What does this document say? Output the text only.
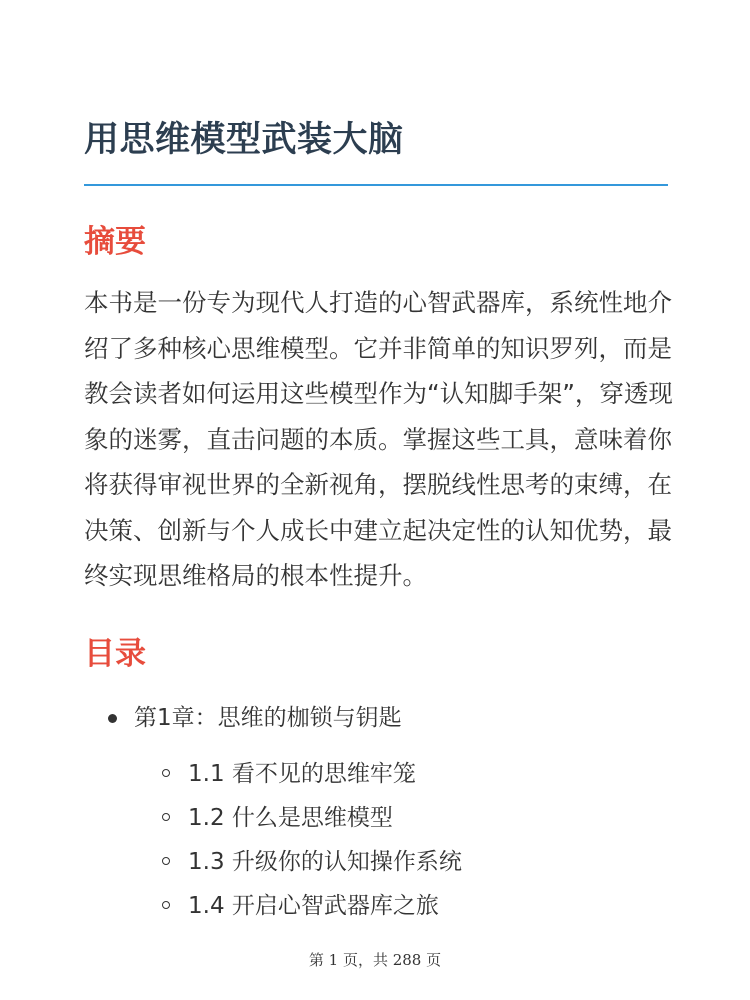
用思维模型武装大脑
摘要

本书是一份专为现代人打造的心智武器库，系统性地介绍了多种核心思维模型。它并非简单的知识罗列，而是教会读者如何运用这些模型作为“认知脚手架”，穿透现象的迷雾，直击问题的本质。掌握这些工具，意味着你将获得审视世界的全新视角，摆脱线性思考的束缚，在决策、创新与个人成长中建立起决定性的认知优势，最终实现思维格局的根本性提升。

目录
第1章：思维的枷锁与钥匙
1.1 看不见的思维牢笼
1.2 什么是思维模型
1.3 升级你的认知操作系统
1.4 开启心智武器库之旅
第 1 页，共 288 页
